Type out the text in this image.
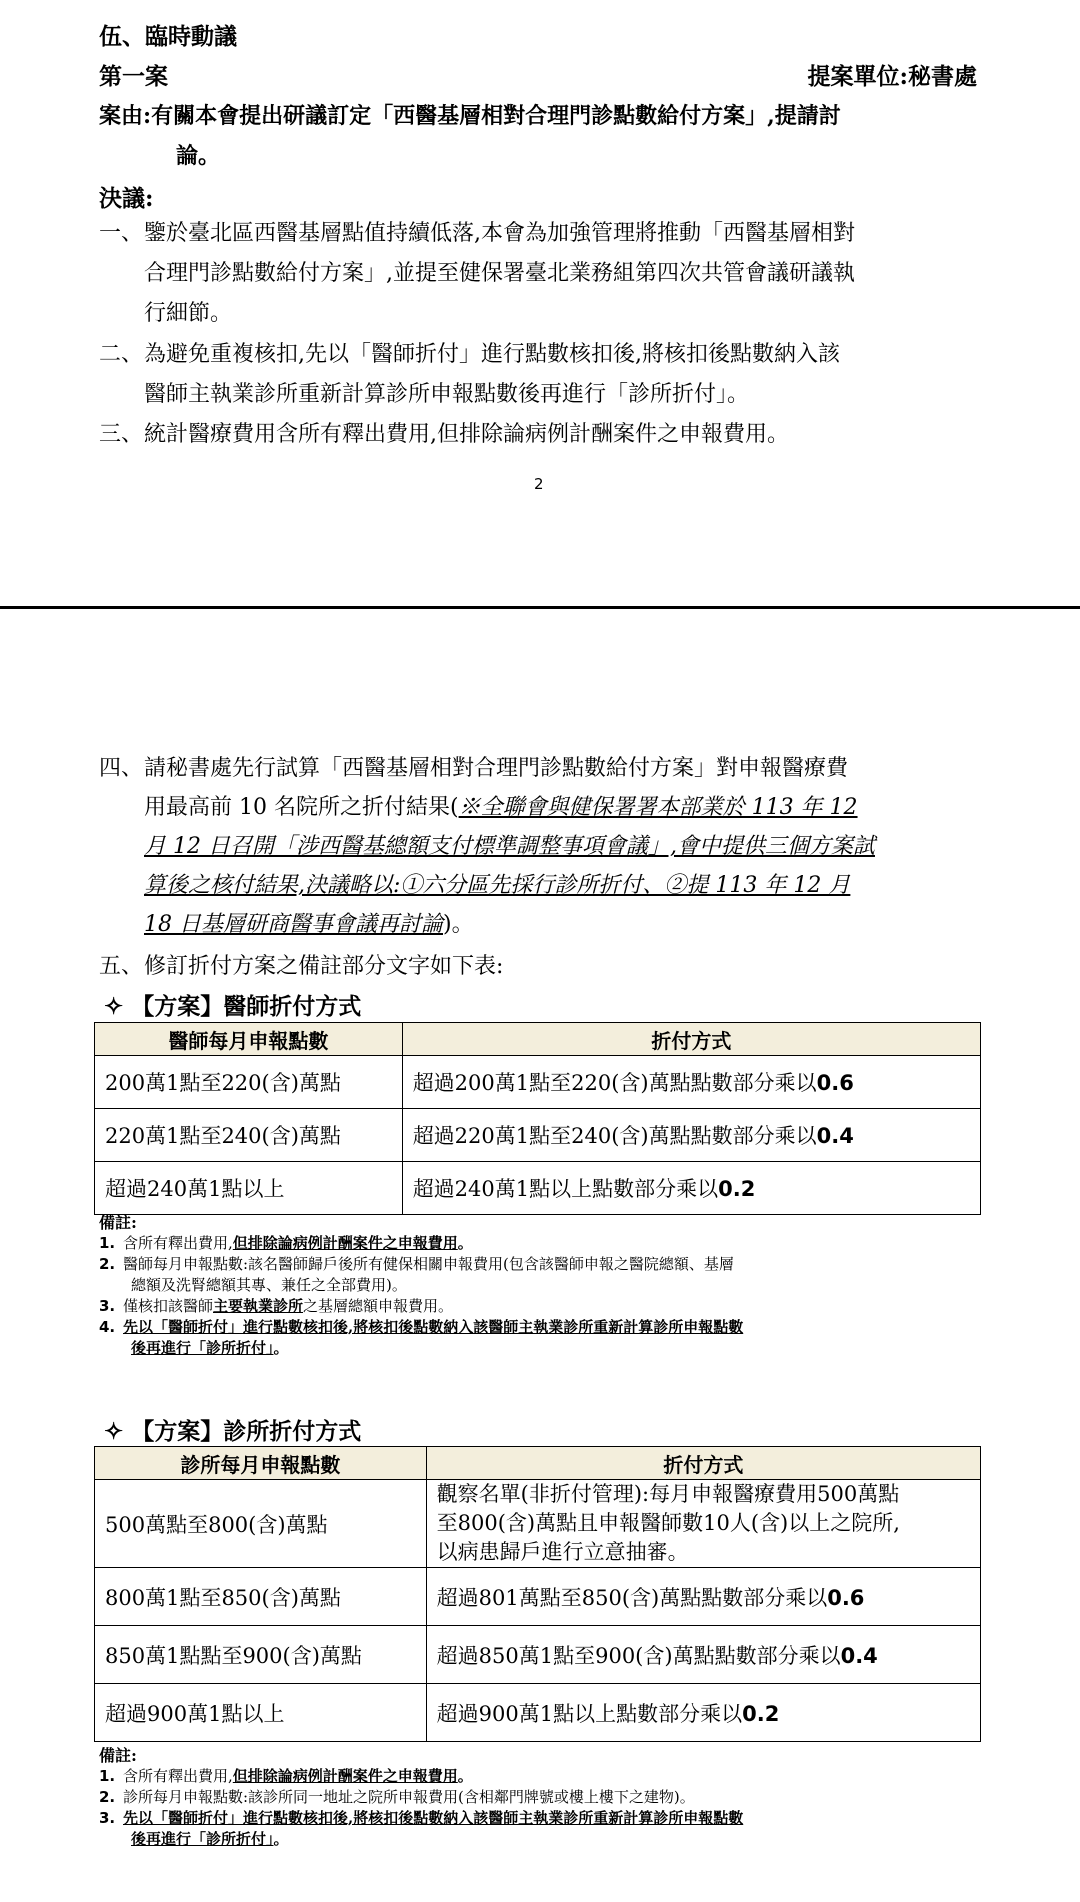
伍、臨時動議
第一案	提案單位:秘書處
案由:有關本會提出研議訂定「西醫基層相對合理門診點數給付方案」,提請討
論。
決議:
一、 鑒於臺北區西醫基層點值持續低落,本會為加強管理將推動「西醫基層相對
合理門診點數給付方案」,並提至健保署臺北業務組第四次共管會議研議執
行細節。
二、 為避免重複核扣,先以「醫師折付」進行點數核扣後,將核扣後點數納入該
醫師主執業診所重新計算診所申報點數後再進行「診所折付」。
三、 統計醫療費用含所有釋出費用,但排除論病例計酬案件之申報費用。
2
四、 請秘書處先行試算「西醫基層相對合理門診點數給付方案」對申報醫療費
用最高前 10 名院所之折付結果(※全聯會與健保署署本部業於 113 年 12
月 12 日召開「涉西醫基總額支付標準調整事項會議」,會中提供三個方案試
算後之核付結果,決議略以:①六分區先採行診所折付、②提 113 年 12 月
18 日基層研商醫事會議再討論)。
五、 修訂折付方案之備註部分文字如下表:
✧ 【方案】醫師折付方式
醫師每月申報點數	折付方式
200萬1點至220(含)萬點	超過200萬1點至220(含)萬點點數部分乘以0.6
220萬1點至240(含)萬點	超過220萬1點至240(含)萬點點數部分乘以0.4
超過240萬1點以上	超過240萬1點以上點數部分乘以0.2
備註:
1. 含所有釋出費用,但排除論病例計酬案件之申報費用。
2. 醫師每月申報點數:該名醫師歸戶後所有健保相關申報費用(包含該醫師申報之醫院總額、基層
總額及洗腎總額其專、兼任之全部費用)。
3. 僅核扣該醫師主要執業診所之基層總額申報費用。
4. 先以「醫師折付」進行點數核扣後,將核扣後點數納入該醫師主執業診所重新計算診所申報點數
後再進行「診所折付」。
✧ 【方案】診所折付方式
診所每月申報點數	折付方式
500萬點至800(含)萬點	觀察名單(非折付管理):每月申報醫療費用500萬點
至800(含)萬點且申報醫師數10人(含)以上之院所,
以病患歸戶進行立意抽審。

800萬1點至850(含)萬點	超過801萬點至850(含)萬點點數部分乘以0.6
850萬1點點至900(含)萬點	超過850萬1點至900(含)萬點點數部分乘以0.4
超過900萬1點以上	超過900萬1點以上點數部分乘以0.2
備註:
1. 含所有釋出費用,但排除論病例計酬案件之申報費用。
2. 診所每月申報點數:該診所同一地址之院所申報費用(含相鄰門牌號或樓上樓下之建物)。
3. 先以「醫師折付」進行點數核扣後,將核扣後點數納入該醫師主執業診所重新計算診所申報點數
後再進行「診所折付」。
